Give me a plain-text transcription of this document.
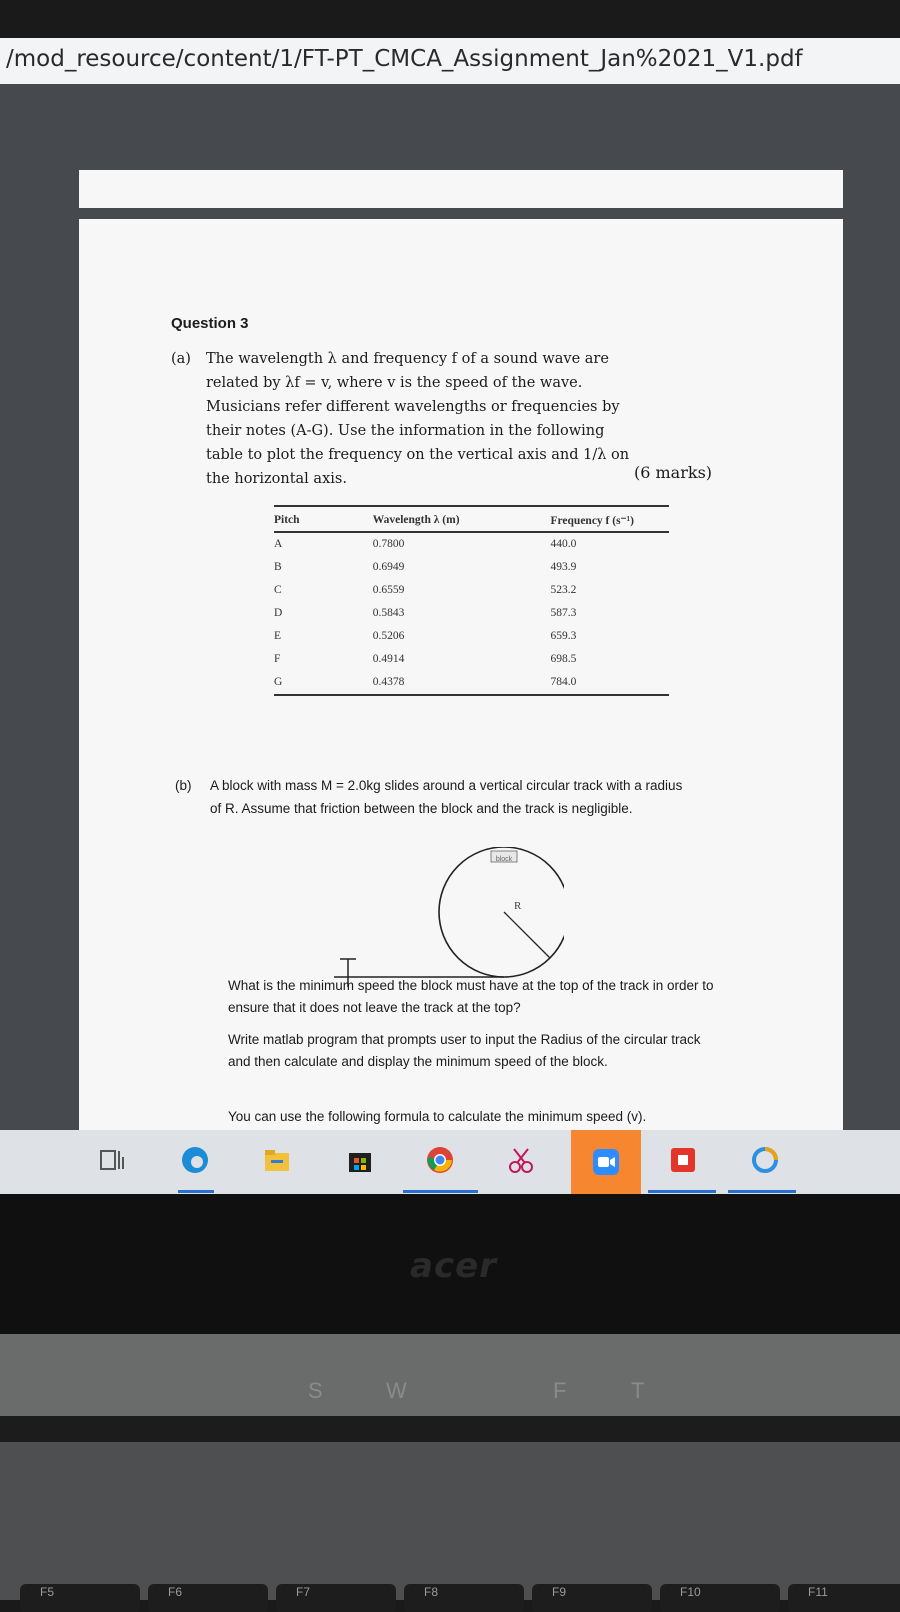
/mod_resource/content/1/FT-PT_CMCA_Assignment_Jan%2021_V1.pdf
Question 3
(a) The wavelength λ and frequency f of a sound wave are related by λf = v, where v is the speed of the wave. Musicians refer different wavelengths or frequencies by their notes (A-G). Use the information in the following table to plot the frequency on the vertical axis and 1/λ on the horizontal axis.	(6 marks)
Pitch	Wavelength λ (m)	Frequency f (s⁻¹)
A	0.7800	440.0
B	0.6949	493.9
C	0.6559	523.2
D	0.5843	587.3
E	0.5206	659.3
F	0.4914	698.5
G	0.4378	784.0
(b) A block with mass M = 2.0kg slides around a vertical circular track with a radius of R. Assume that friction between the block and the track is negligible.
block
R
What is the minimum speed the block must have at the top of the track in order to ensure that it does not leave the track at the top?
Write matlab program that prompts user to input the Radius of the circular track and then calculate and display the minimum speed of the block.
You can use the following formula to calculate the minimum speed (v).
acer
S	W	F	T
F5	F6	F7	F8	F9	F10	F11
